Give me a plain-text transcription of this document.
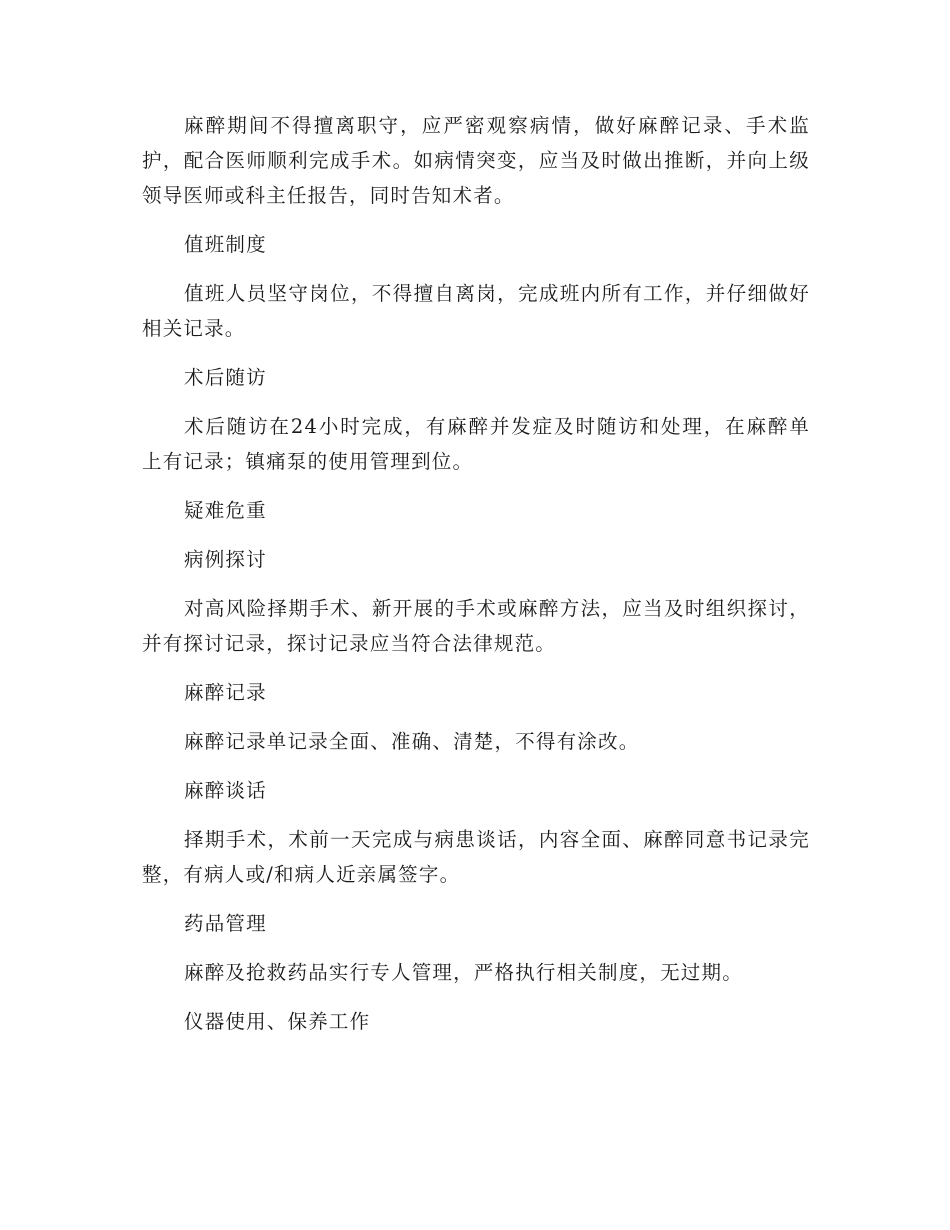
麻醉期间不得擅离职守，应严密观察病情，做好麻醉记录、手术监护，配合医师顺利完成手术。如病情突变，应当及时做出推断，并向上级领导医师或科主任报告，同时告知术者。

值班制度

值班人员坚守岗位，不得擅自离岗，完成班内所有工作，并仔细做好相关记录。

术后随访

术后随访在24小时完成，有麻醉并发症及时随访和处理，在麻醉单上有记录；镇痛泵的使用管理到位。

疑难危重

病例探讨

对高风险择期手术、新开展的手术或麻醉方法，应当及时组织探讨，并有探讨记录，探讨记录应当符合法律规范。

麻醉记录

麻醉记录单记录全面、准确、清楚，不得有涂改。

麻醉谈话

择期手术，术前一天完成与病患谈话，内容全面、麻醉同意书记录完整，有病人或/和病人近亲属签字。

药品管理

麻醉及抢救药品实行专人管理，严格执行相关制度，无过期。

仪器使用、保养工作
